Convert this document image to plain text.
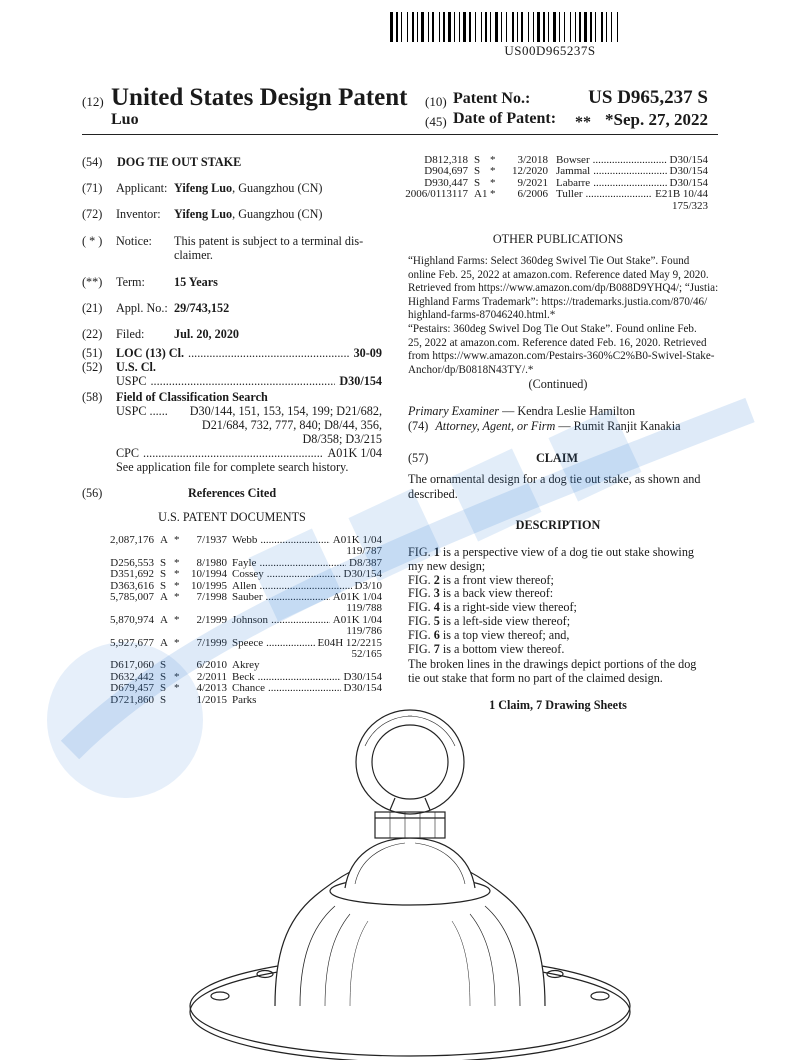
US00D965237S
(12) United States Design Patent
Luo
(10) Patent No.:	US D965,237 S
(45) Date of Patent: ** *Sep. 27, 2022
(54)	DOG TIE OUT STAKE
(71) Applicant: Yifeng Luo, Guangzhou (CN)
(72) Inventor: Yifeng Luo, Guangzhou (CN)
( * ) Notice: This patent is subject to a terminal dis-
claimer.
(**) Term: 15 Years
(21) Appl. No.: 29/743,152
(22) Filed: Jul. 20, 2020
(51) LOC (13) Cl. .....	30-09
(52) U.S. Cl.
USPC .....	D30/154
(58) Field of Classification Search
USPC ...... D30/144, 151, 153, 154, 199; D21/682,
D21/684, 732, 777, 840; D8/44, 356,
D8/358; D3/215
CPC .....	A01K 1/04
See application file for complete search history.
(56)	References Cited
U.S. PATENT DOCUMENTS
2,087,176 A * 7/1937 Webb .....	A01K 1/04
119/787
D256,553 S * 8/1980 Fayle .....	D8/387
D351,692 S * 10/1994 Cossey .....	D30/154
D363,616 S * 10/1995 Allen .....	D3/10
5,785,007 A * 7/1998 Sauber .....	A01K 1/04
119/788
5,870,974 A * 2/1999 Johnson .....	A01K 1/04
119/786
5,927,677 A * 7/1999 Speece .....	E04H 12/2215
52/165
D617,060 S	6/2010 Akrey
D632,442 S * 2/2011 Beck .....	D30/154
D679,457 S * 4/2013 Chance .....	D30/154
D721,860 S	1/2015 Parks
D812,318 S * 3/2018 Bowser .....	D30/154
D904,697 S * 12/2020 Jammal .....	D30/154
D930,447 S * 9/2021 Labarre .....	D30/154
2006/0113117 A1 * 6/2006 Tuller .....	E21B 10/44
175/323
OTHER PUBLICATIONS
“Highland Farms: Select 360deg Swivel Tie Out Stake”. Found
online Feb. 25, 2022 at amazon.com. Reference dated May 9, 2020.
Retrieved from https://www.amazon.com/dp/B088D9YHQ4/; “Justia:
Highland Farms Trademark”: https://trademarks.justia.com/870/46/
highland-farms-87046240.html.*
“Pestairs: 360deg Swivel Dog Tie Out Stake”. Found online Feb.
25, 2022 at amazon.com. Reference dated Feb. 16, 2020. Retrieved
from https://www.amazon.com/Pestairs-360%C2%B0-Swivel-Stake-
Anchor/dp/B0818N43TY/.*
(Continued)
Primary Examiner — Kendra Leslie Hamilton
(74) Attorney, Agent, or Firm — Rumit Ranjit Kanakia
(57)	CLAIM
The ornamental design for a dog tie out stake, as shown and
described.
DESCRIPTION
FIG. 1 is a perspective view of a dog tie out stake showing
my new design;
FIG. 2 is a front view thereof;
FIG. 3 is a back view thereof:
FIG. 4 is a right-side view thereof;
FIG. 5 is a left-side view thereof;
FIG. 6 is a top view thereof; and,
FIG. 7 is a bottom view thereof.
The broken lines in the drawings depict portions of the dog
tie out stake that form no part of the claimed design.
1 Claim, 7 Drawing Sheets
